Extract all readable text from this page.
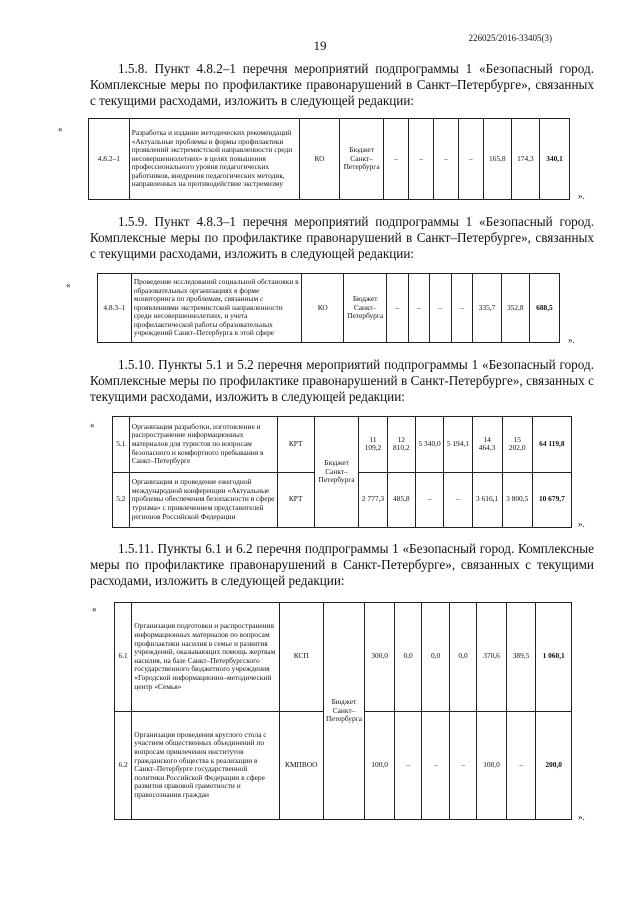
226025/2016-33405(3)
19
1.5.8. Пункт 4.8.2–1 перечня мероприятий подпрограммы 1 «Безопасный город. Комплексные меры по профилактике правонарушений в Санкт–Петербурге», связанных с текущими расходами, изложить в следующей редакции:
«
4.8.2–1	Разработка и издание методических рекомендаций «Актуальные проблемы и формы профилактики проявлений экстремистской направленности среди несовершеннолетних» в целях повышения профессионального уровня педагогических работников, внедрения педагогических методик, направленных на противодействие экстремизму	КО	Бюджет Санкт–Петербурга	–	–	–	–	165,8	174,3	340,1
».
1.5.9. Пункт 4.8.3–1 перечня мероприятий подпрограммы 1 «Безопасный город. Комплексные меры по профилактике правонарушений в Санкт–Петербурге», связанных с текущими расходами, изложить в следующей редакции:
«
4.8.3–1	Проведение исследований социальной обстановки в образовательных организациях в форме мониторинга по проблемам, связанным с проявлениями экстремистской направленности среди несовершеннолетних, и учета профилактической работы образовательных учреждений Санкт–Петербурга в этой сфере	КО	Бюджет Санкт–Петербурга	–	–	–	–	335,7	352,8	688,5
».
1.5.10. Пункты 5.1 и 5.2 перечня мероприятий подпрограммы 1 «Безопасный город. Комплексные меры по профилактике правонарушений в Санкт-Петербурге», связанных с текущими расходами, изложить в следующей редакции:
«
5.1	Организация разработки, изготовление и распространение информационных материалов для туристов по вопросам безопасного и комфортного пребывания в Санкт–Петербурге	КРТ	Бюджет Санкт–Петербурга	11 109,2	12 810,2	5 340,0	5 194,1	14 464,3	15 202,0	64 119,8
5.2	Организация и проведение ежегодной международной конференции «Актуальные проблемы обеспечения безопасности в сфере туризма» с привлечением представителей регионов Российской Федерации	КРТ		2 777,3	485,8	–	–	3 616,1	3 800,5	10 679,7
».
1.5.11. Пункты 6.1 и 6.2 перечня подпрограммы 1 «Безопасный город. Комплексные меры по профилактике правонарушений в Санкт-Петербурге», связанных с текущими расходами, изложить в следующей редакции:
«
6.1	Организация подготовки и распространения информационных материалов по вопросам профилактики насилия в семье и развития учреждений, оказывающих помощь жертвам насилия, на базе Санкт–Петербургского государственного бюджетного учреждения «Городской информационно–методический центр «Семья»	КСП	Бюджет Санкт–Петербурга	300,0	0,0	0,0	0,0	370,6	389,5	1 060,1
6.2	Организация проведения круглого стола с участием общественных объединений по вопросам привлечения институтов гражданского общества к реализации в Санкт–Петербурге государственной политики Российской Федерации в сфере развития правовой грамотности и правосознания граждан	КМПВОО		100,0	–	–	–	100,0	–	200,0
».
